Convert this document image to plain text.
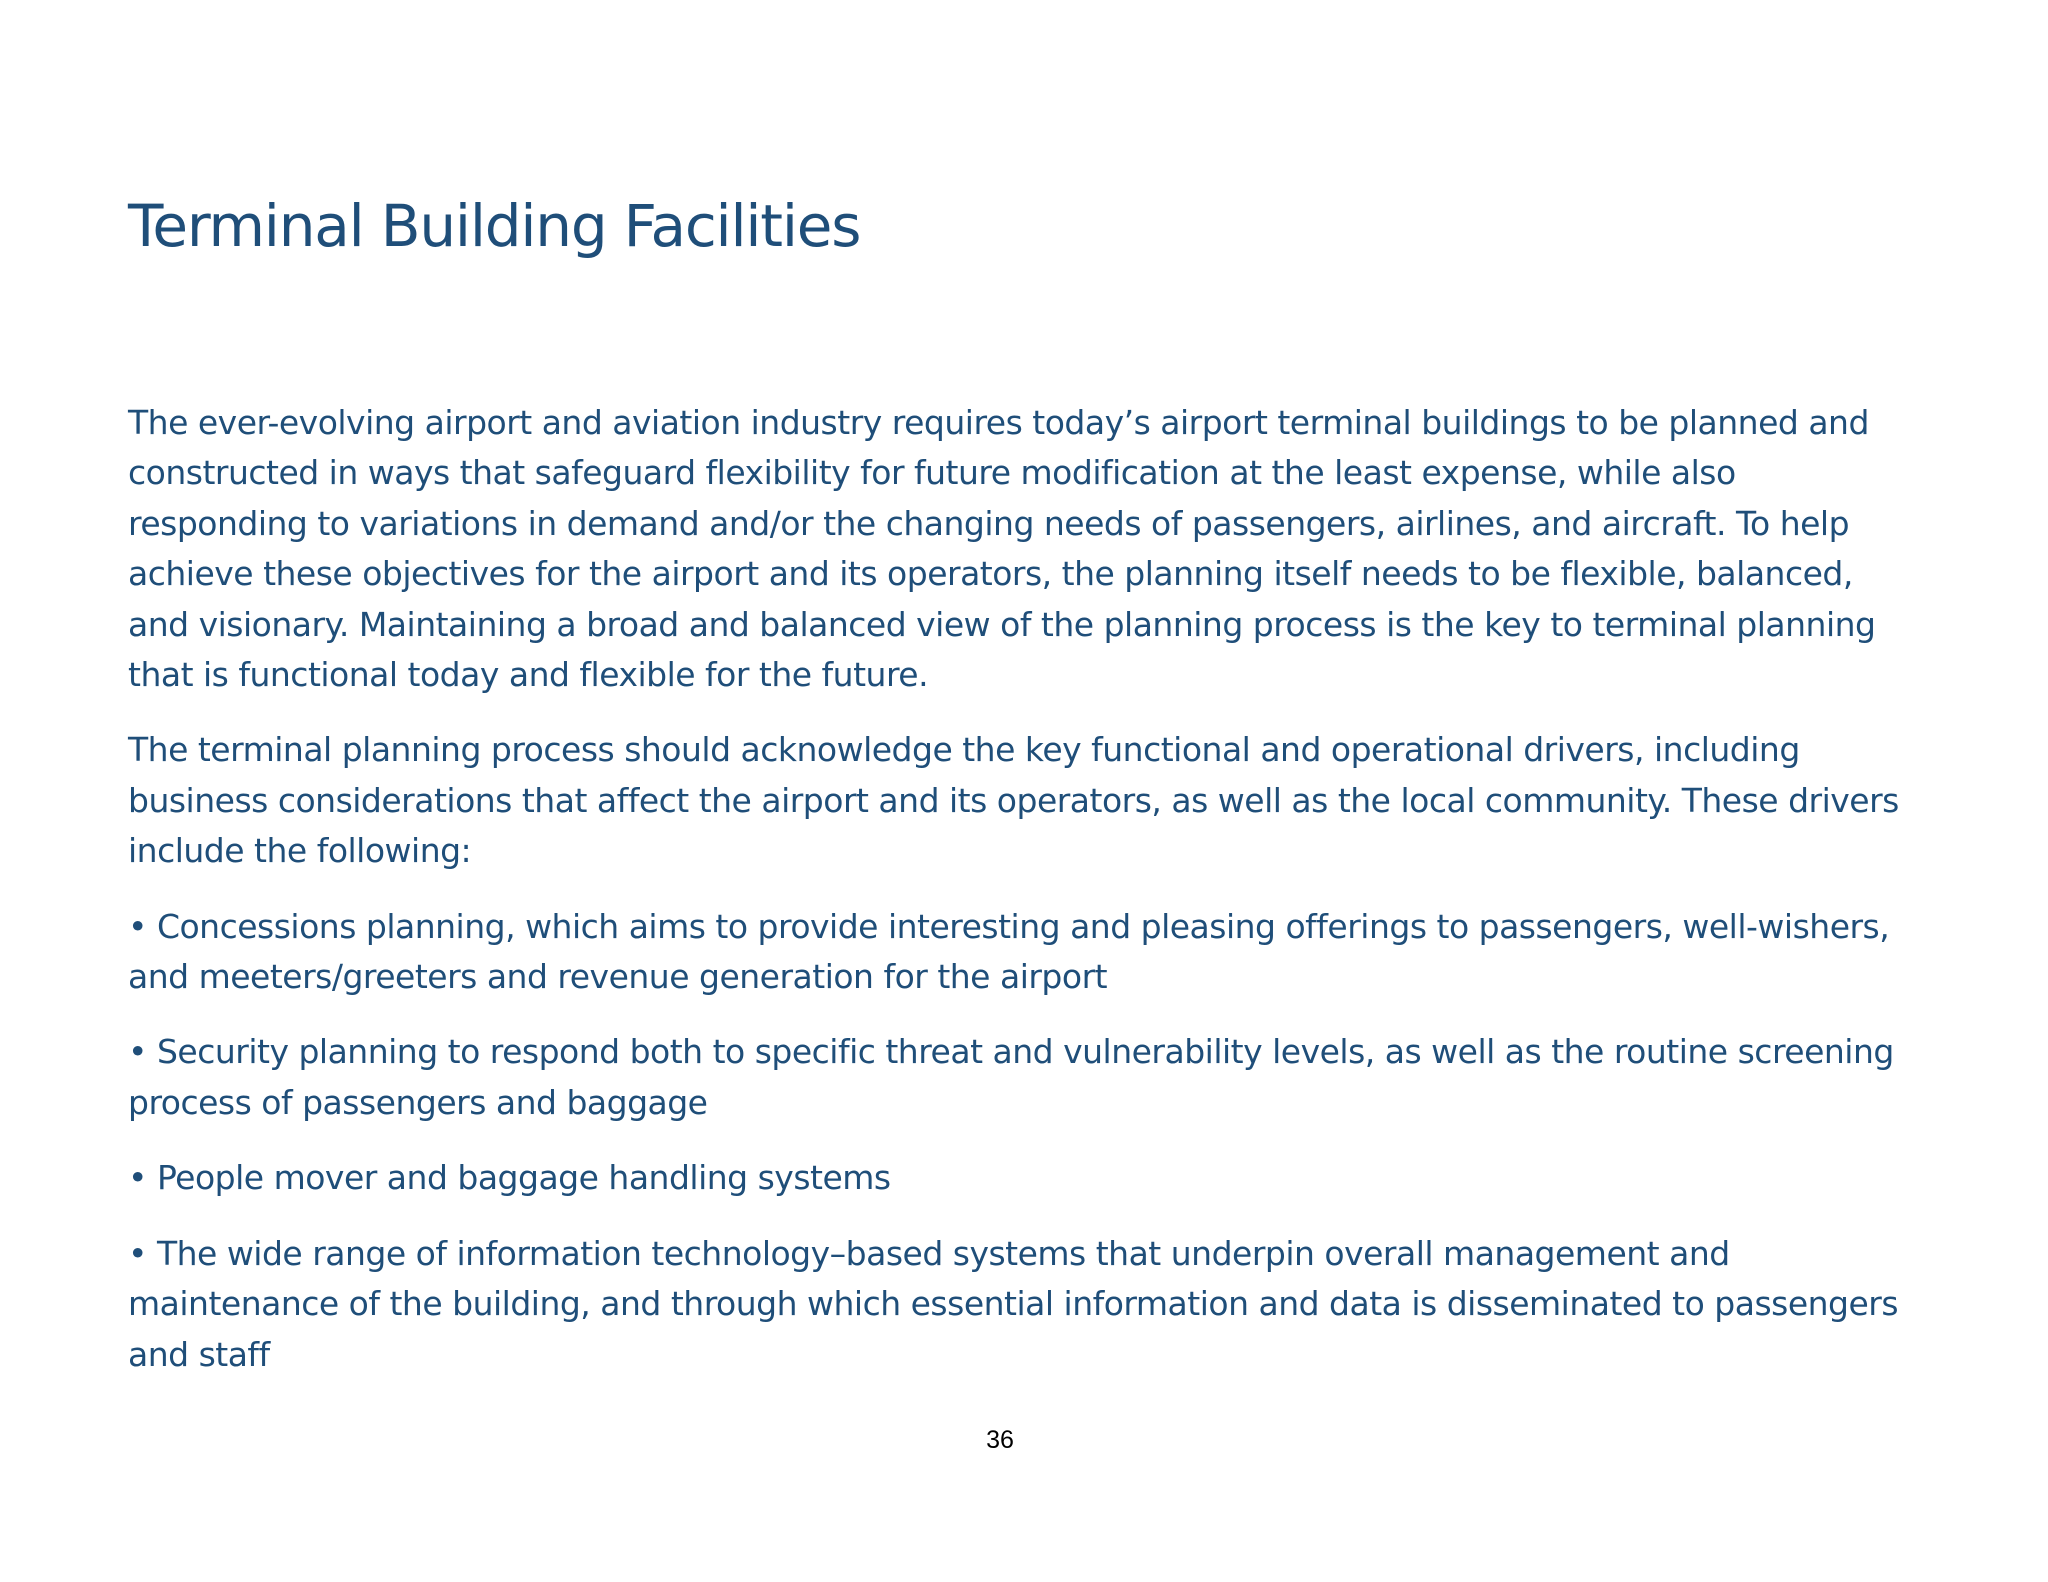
Terminal Building Facilities

The ever-evolving airport and aviation industry requires today’s airport terminal buildings to be planned and constructed in ways that safeguard flexibility for future modification at the least expense, while also responding to variations in demand and/or the changing needs of passengers, airlines, and aircraft. To help achieve these objectives for the airport and its operators, the planning itself needs to be flexible, balanced, and visionary. Maintaining a broad and balanced view of the planning process is the key to terminal planning that is functional today and flexible for the future.

The terminal planning process should acknowledge the key functional and operational drivers, including business considerations that affect the airport and its operators, as well as the local community. These drivers include the following:

• Concessions planning, which aims to provide interesting and pleasing offerings to passengers, well-wishers, and meeters/greeters and revenue generation for the airport

• Security planning to respond both to specific threat and vulnerability levels, as well as the routine screening process of passengers and baggage

• People mover and baggage handling systems

• The wide range of information technology–based systems that underpin overall management and maintenance of the building, and through which essential information and data is disseminated to passengers and staff

36
